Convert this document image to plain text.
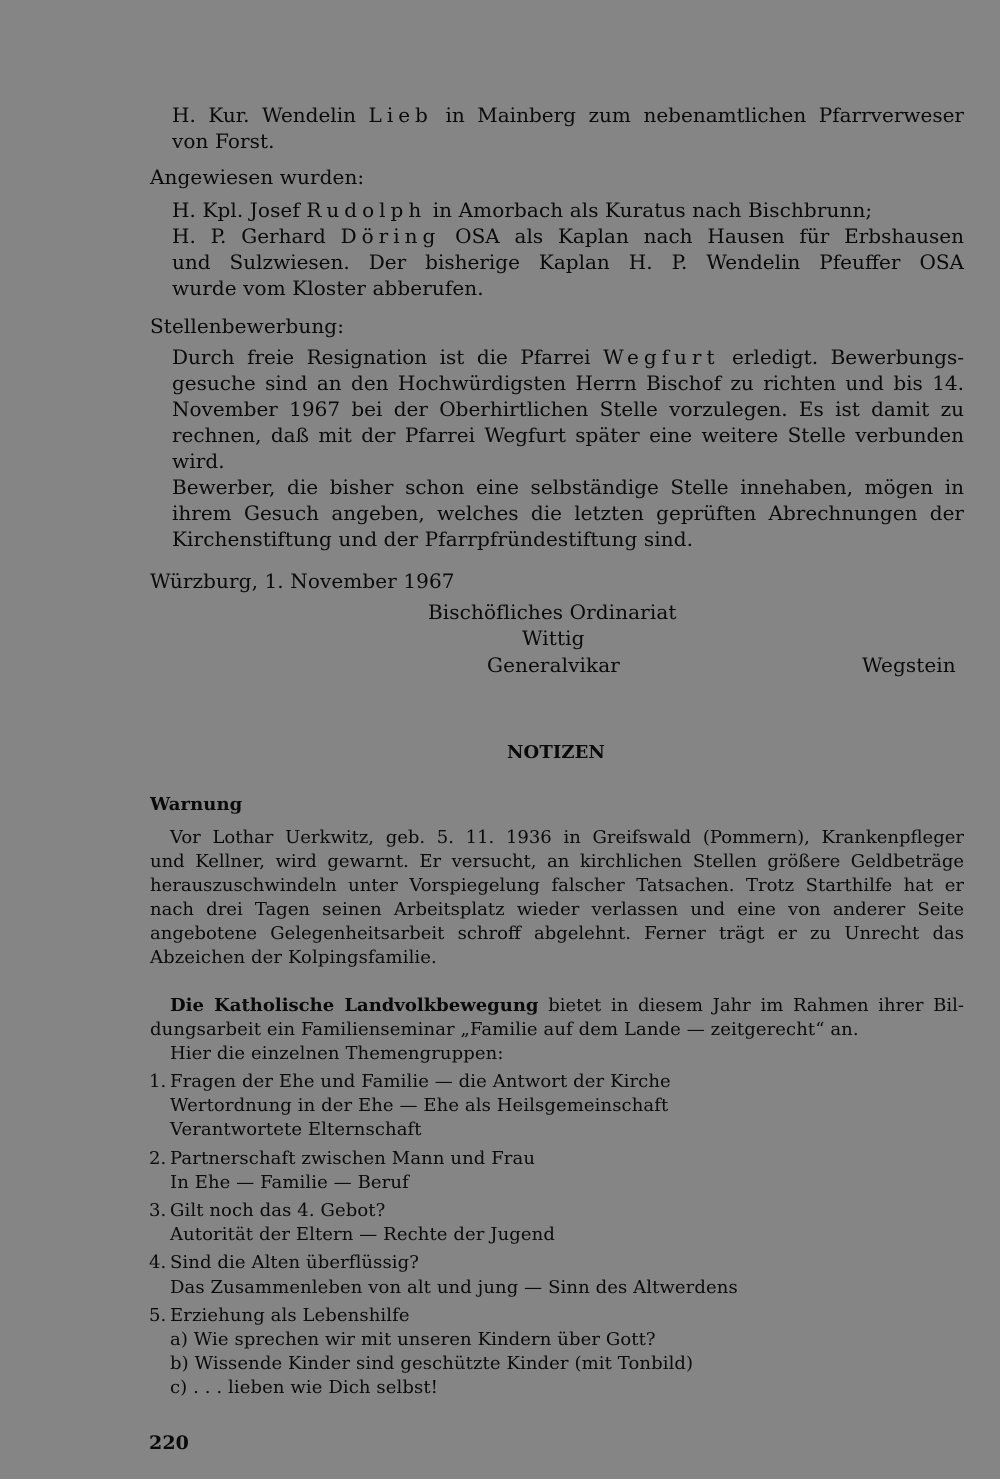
H. Kur. Wendelin Lieb in Mainberg zum nebenamtlichen Pfarrverweser
von Forst.
Angewiesen wurden:
H. Kpl. Josef Rudolph in Amorbach als Kuratus nach Bischbrunn;
H. P. Gerhard Döring OSA als Kaplan nach Hausen für Erbshausen
und Sulzwiesen. Der bisherige Kaplan H. P. Wendelin Pfeuffer OSA
wurde vom Kloster abberufen.
Stellenbewerbung:
Durch freie Resignation ist die Pfarrei Wegfurt erledigt. Bewerbungs-
gesuche sind an den Hochwürdigsten Herrn Bischof zu richten und bis 14.
November 1967 bei der Oberhirtlichen Stelle vorzulegen. Es ist damit zu
rechnen, daß mit der Pfarrei Wegfurt später eine weitere Stelle verbunden
wird.
Bewerber, die bisher schon eine selbständige Stelle innehaben, mögen in
ihrem Gesuch angeben, welches die letzten geprüften Abrechnungen der
Kirchenstiftung und der Pfarrpfründestiftung sind.
Würzburg, 1. November 1967
Bischöfliches Ordinariat
Wittig
Generalvikar	Wegstein
NOTIZEN
Warnung
Vor Lothar Uerkwitz, geb. 5. 11. 1936 in Greifswald (Pommern), Krankenpfleger
und Kellner, wird gewarnt. Er versucht, an kirchlichen Stellen größere Geldbeträge
herauszuschwindeln unter Vorspiegelung falscher Tatsachen. Trotz Starthilfe hat er
nach drei Tagen seinen Arbeitsplatz wieder verlassen und eine von anderer Seite
angebotene Gelegenheitsarbeit schroff abgelehnt. Ferner trägt er zu Unrecht das
Abzeichen der Kolpingsfamilie.
Die Katholische Landvolkbewegung bietet in diesem Jahr im Rahmen ihrer Bil-
dungsarbeit ein Familienseminar „Familie auf dem Lande — zeitgerecht“ an.
Hier die einzelnen Themengruppen:
1. Fragen der Ehe und Familie — die Antwort der Kirche
Wertordnung in der Ehe — Ehe als Heilsgemeinschaft
Verantwortete Elternschaft
2. Partnerschaft zwischen Mann und Frau
In Ehe — Familie — Beruf
3. Gilt noch das 4. Gebot?
Autorität der Eltern — Rechte der Jugend
4. Sind die Alten überflüssig?
Das Zusammenleben von alt und jung — Sinn des Altwerdens
5. Erziehung als Lebenshilfe
a) Wie sprechen wir mit unseren Kindern über Gott?
b) Wissende Kinder sind geschützte Kinder (mit Tonbild)
c) . . . lieben wie Dich selbst!
220
